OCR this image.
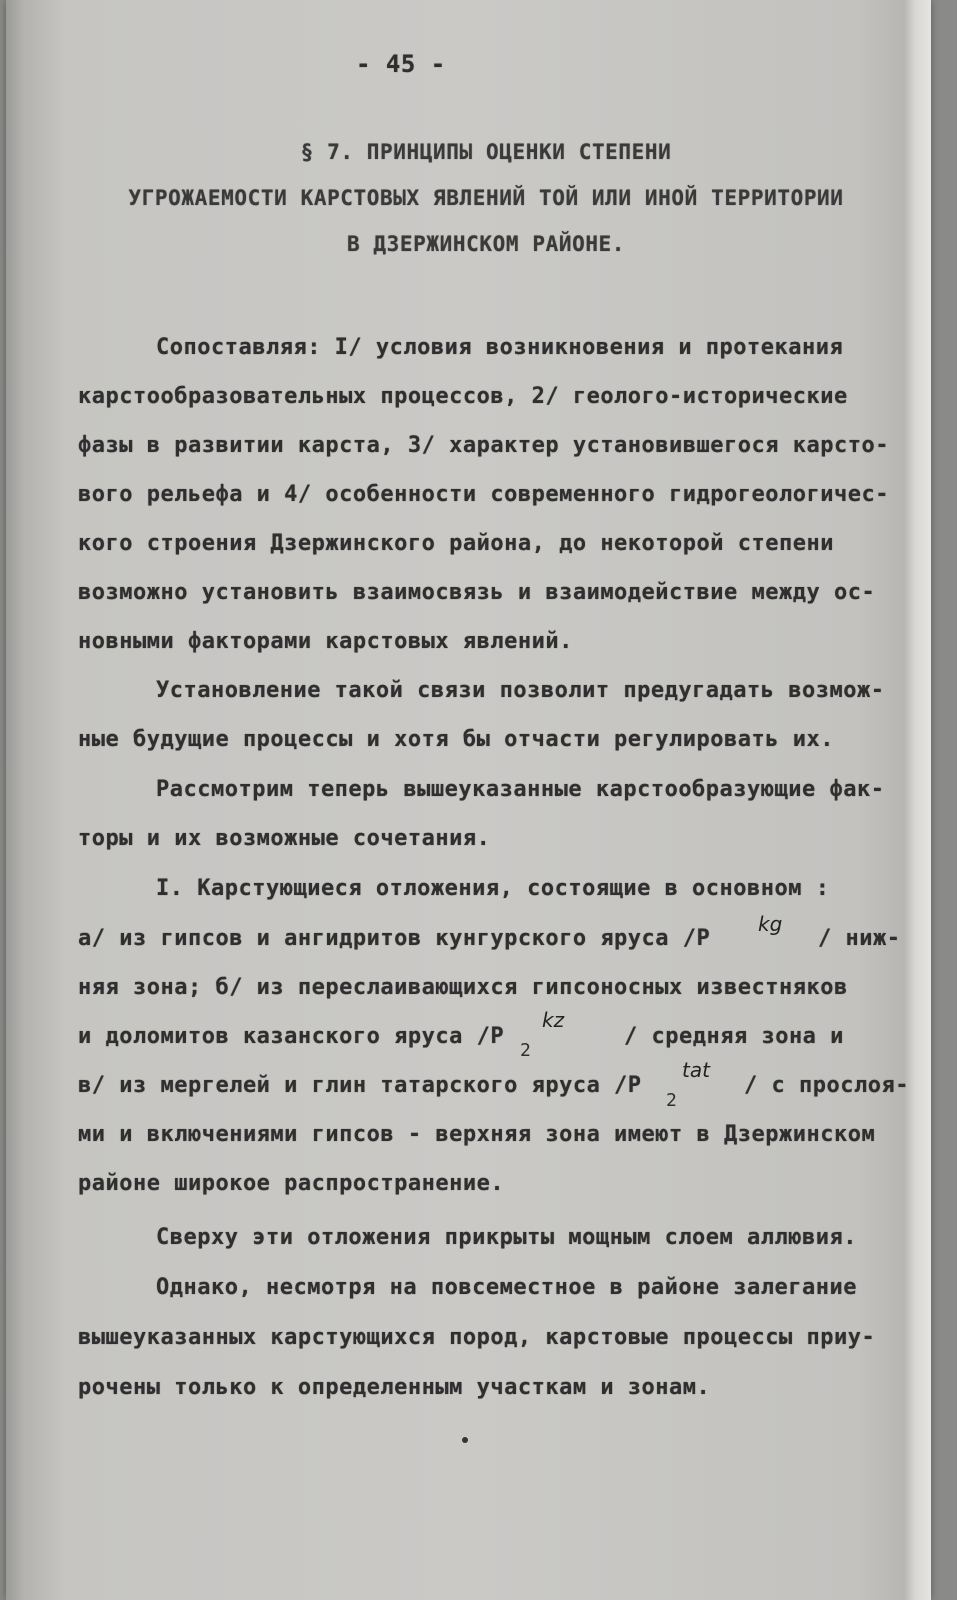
- 45 -
§ 7. ПРИНЦИПЫ ОЦЕНКИ СТЕПЕНИ
УГРОЖАЕМОСТИ КАРСТОВЫХ ЯВЛЕНИЙ ТОЙ ИЛИ ИНОЙ ТЕРРИТОРИИ
В ДЗЕРЖИНСКОМ РАЙОНЕ.
Сопоставляя: I/ условия возникновения и протекания
карстообразовательных процессов, 2/ геолого-исторические
фазы в развитии карста, 3/ характер установившегося карсто-
вого рельефа и 4/ особенности современного гидрогеологичес-
кого строения Дзержинского района, до некоторой степени
возможно установить взаимосвязь и взаимодействие между ос-
новными факторами карстовых явлений.
Установление такой связи позволит предугадать возмож-
ные будущие процессы и хотя бы отчасти регулировать их.
Рассмотрим теперь вышеуказанные карстообразующие фак-
торы и их возможные сочетания.
I. Карстующиеся отложения, состоящие в основном :
а/ из гипсов и ангидритов кунгурского яруса /P
kg
/ ниж-
няя зона; б/ из переслаивающихся гипсоносных известняков
и доломитов казанского яруса /P
2
kz
/ средняя зона и
в/ из мергелей и глин татарского яруса /P
2
tat
/ с прослоя-
ми и включениями гипсов - верхняя зона имеют в Дзержинском
районе широкое распространение.
Сверху эти отложения прикрыты мощным слоем аллювия.
Однако, несмотря на повсеместное в районе залегание
вышеуказанных карстующихся пород, карстовые процессы приу-
рочены только к определенным участкам и зонам.
